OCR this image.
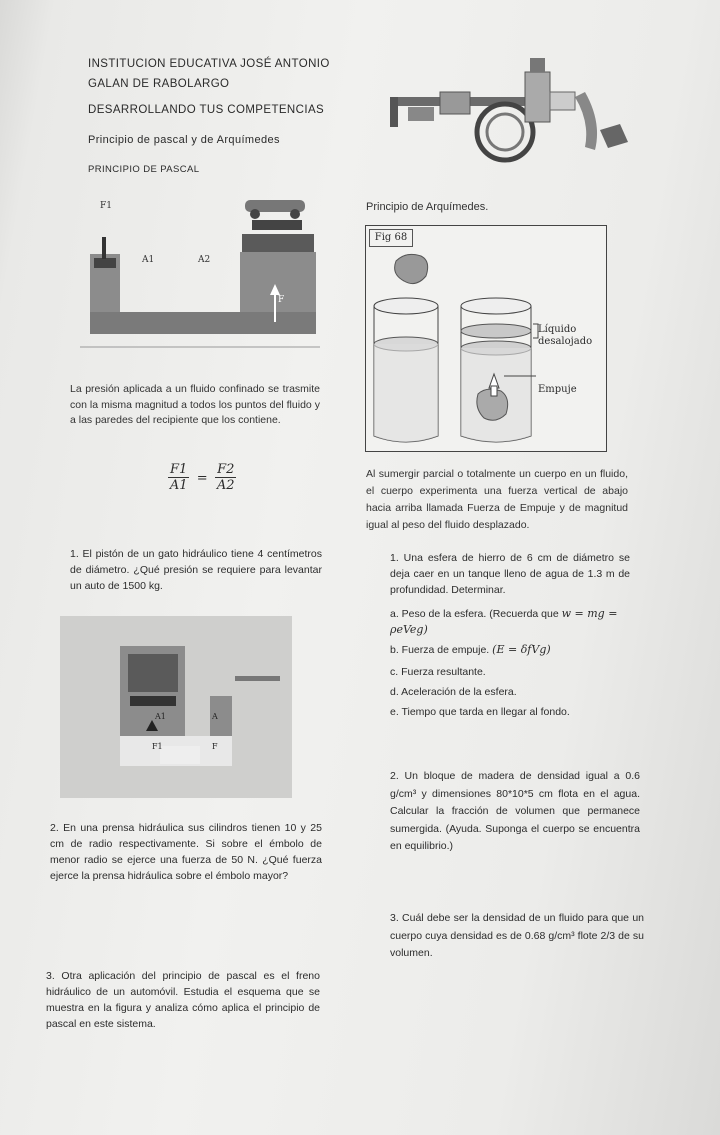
INSTITUCION EDUCATIVA JOSÉ ANTONIO
GALAN DE RABOLARGO
DESARROLLANDO TUS COMPETENCIAS
Principio de pascal y de Arquímedes
PRINCIPIO DE PASCAL
F1
A1	A2
F
La presión aplicada a un fluido confinado se trasmite con la misma magnitud a todos los puntos del fluido y a las paredes del recipiente que los contiene.
$\frac{F1}{A1} = \frac{F2}{A2}$
Principio de Arquímedes.
Fig 68
Líquido
desalojado
Empuje
Al sumergir parcial o totalmente un cuerpo en un fluido, el cuerpo experimenta una fuerza vertical de abajo hacia arriba llamada Fuerza de Empuje y de magnitud igual al peso del fluido desplazado.
1. El pistón de un gato hidráulico tiene 4 centímetros de diámetro. ¿Qué presión se requiere para levantar un auto de 1500 kg.
A1	A
F1	F
2. En una prensa hidráulica sus cilindros tienen 10 y 25 cm de radio respectivamente. Si sobre el émbolo de menor radio se ejerce una fuerza de 50 N. ¿Qué fuerza ejerce la prensa hidráulica sobre el émbolo mayor?
3. Otra aplicación del principio de pascal es el freno hidráulico de un automóvil. Estudia el esquema que se muestra en la figura y analiza cómo aplica el principio de pascal en este sistema.
1. Una esfera de hierro de 6 cm de diámetro se deja caer en un tanque lleno de agua de 1.3 m de profundidad. Determinar.
a. Peso de la esfera. (Recuerda que w = mg = ρeVeg)
b. Fuerza de empuje. (E = δfVg)
c. Fuerza resultante.
d. Aceleración de la esfera.
e. Tiempo que tarda en llegar al fondo.
2. Un bloque de madera de densidad igual a 0.6 g/cm³ y dimensiones 80*10*5 cm flota en el agua. Calcular la fracción de volumen que permanece sumergida. (Ayuda. Suponga el cuerpo se encuentra en equilibrio.)
3. Cuál debe ser la densidad de un fluido para que un cuerpo cuya densidad es de 0.68 g/cm³ flote 2/3 de su volumen.
